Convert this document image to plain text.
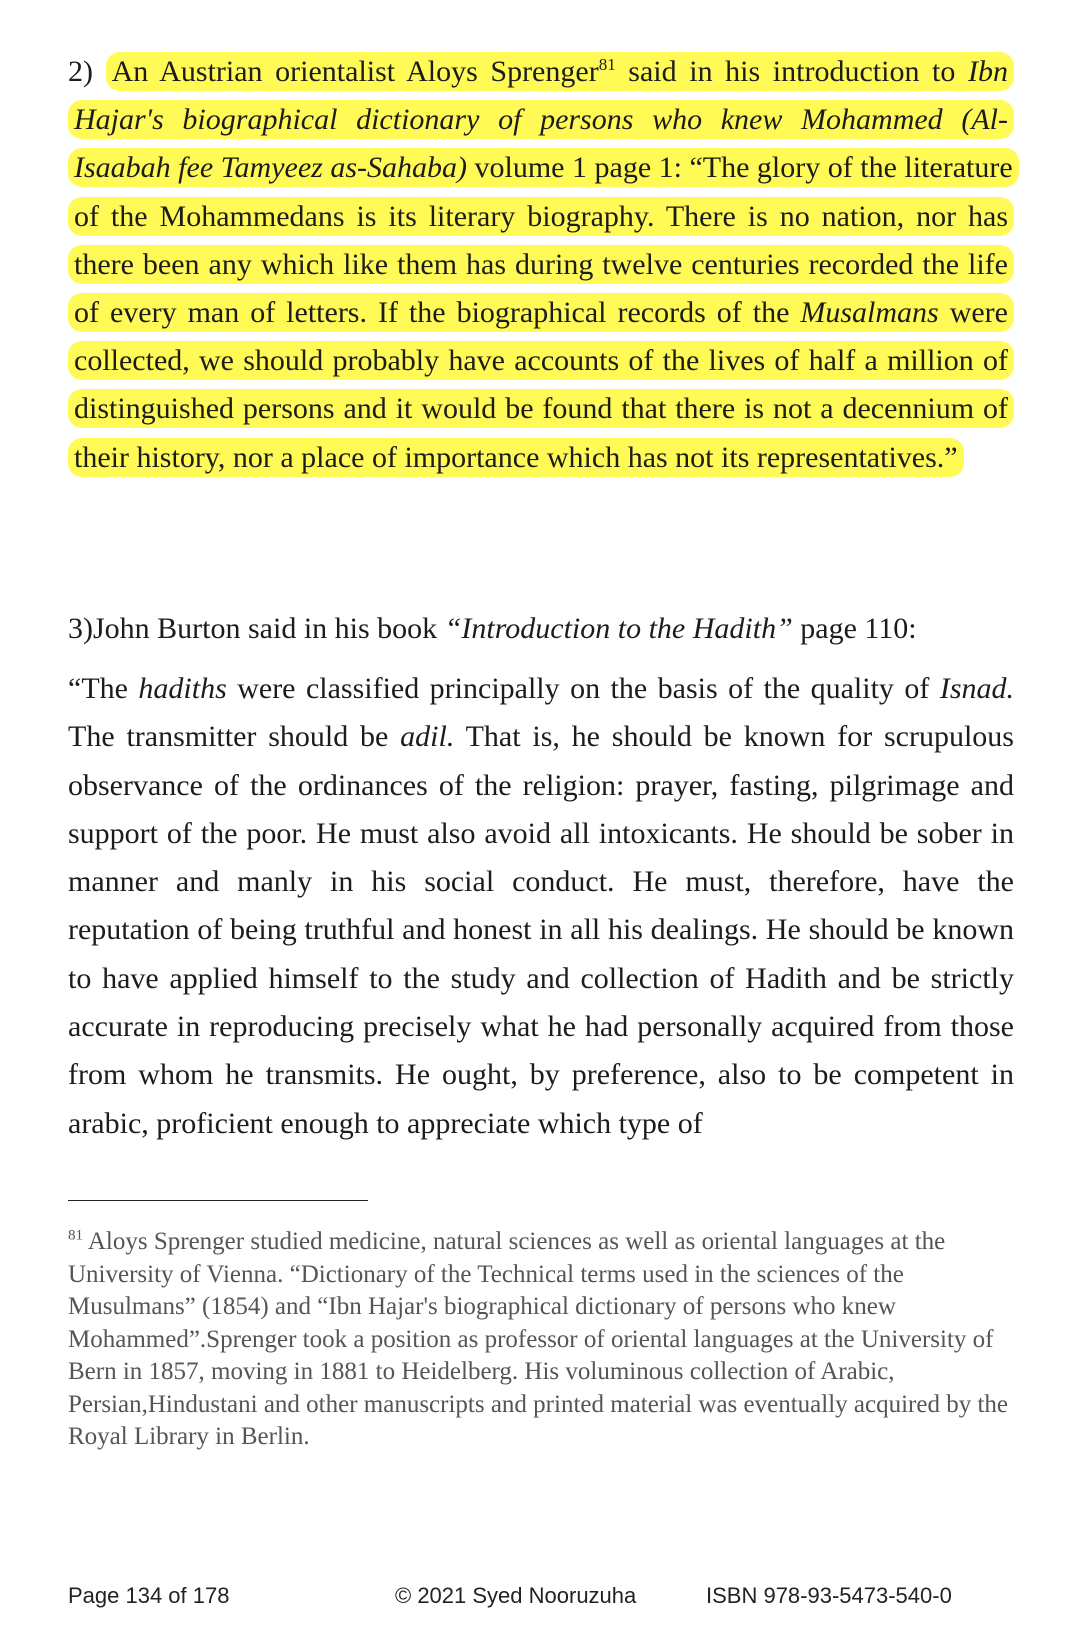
2) An Austrian orientalist Aloys Sprenger$^{81}$ said in his introduction to Ibn Hajar's biographical dictionary of persons who knew Mohammed (Al-Isaabah fee Tamyeez as-Sahaba) volume 1 page 1: “The glory of the literature of the Mohammedans is its literary biography. There is no nation, nor has there been any which like them has during twelve centuries recorded the life of every man of letters. If the biographical records of the Musalmans were collected, we should probably have accounts of the lives of half a million of distinguished persons and it would be found that there is not a decennium of their history, nor a place of importance which has not its representatives.”

3)John Burton said in his book “Introduction to the Hadith” page 110:

“The hadiths were classified principally on the basis of the quality of Isnad. The transmitter should be adil. That is, he should be known for scrupulous observance of the ordinances of the religion: prayer, fasting, pilgrimage and support of the poor. He must also avoid all intoxicants. He should be sober in manner and manly in his social conduct. He must, therefore, have the reputation of being truthful and honest in all his dealings. He should be known to have applied himself to the study and collection of Hadith and be strictly accurate in reproducing precisely what he had personally acquired from those from whom he transmits. He ought, by preference, also to be competent in arabic, proficient enough to appreciate which type of

$^{81}$ Aloys Sprenger studied medicine, natural sciences as well as oriental languages at the University of Vienna. “Dictionary of the Technical terms used in the sciences of the Musulmans” (1854) and “Ibn Hajar's biographical dictionary of persons who knew Mohammed”.Sprenger took a position as professor of oriental languages at the University of Bern in 1857, moving in 1881 to Heidelberg. His voluminous collection of Arabic, Persian,Hindustani and other manuscripts and printed material was eventually acquired by the Royal Library in Berlin.

Page 134 of 178	© 2021 Syed Nooruzuha	ISBN 978-93-5473-540-0
